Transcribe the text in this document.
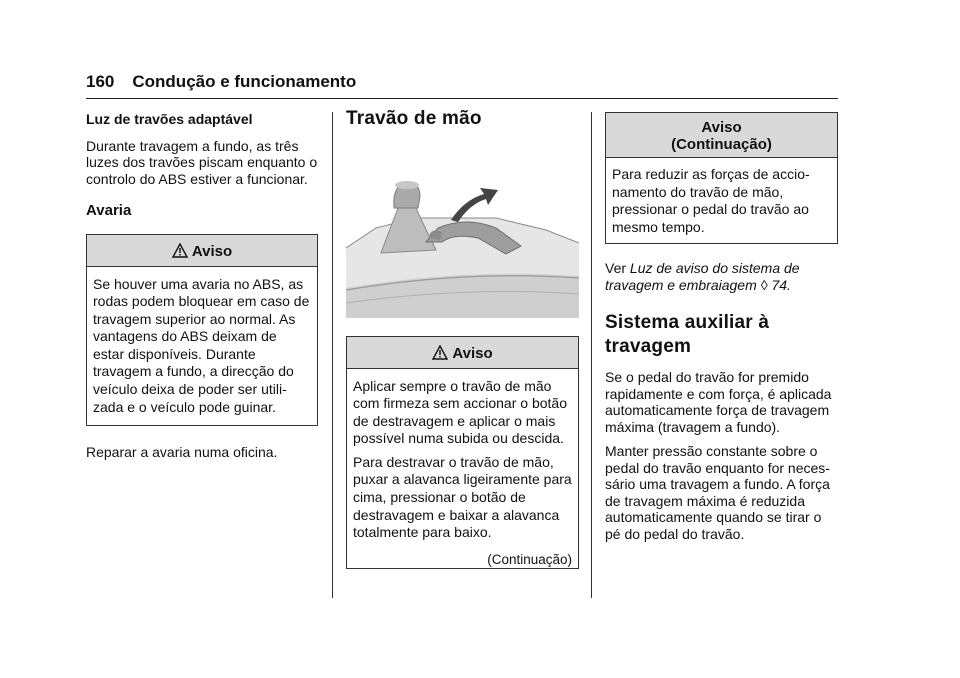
160 Condução e funcionamento
Luz de travões adaptável

Durante travagem a fundo, as três luzes dos travões piscam enquanto o controlo do ABS estiver a funcionar.

Avaria
Aviso

Se houver uma avaria no ABS, as rodas podem bloquear em caso de travagem superior ao normal. As vantagens do ABS deixam de estar disponíveis. Durante travagem a fundo, a direcção do veículo deixa de poder ser utili- zada e o veículo pode guinar.

Reparar a avaria numa oficina.

Travão de mão
Aviso

Aplicar sempre o travão de mão com firmeza sem accionar o botão de destravagem e aplicar o mais possível numa subida ou descida.

Para destravar o travão de mão, puxar a alavanca ligeiramente para cima, pressionar o botão de destravagem e baixar a alavanca totalmente para baixo.

(Continuação)
Aviso
(Continuação)

Para reduzir as forças de accio- namento do travão de mão, pressionar o pedal do travão ao mesmo tempo.

Ver Luz de aviso do sistema de travagem e embraiagem ◊ 74.

Sistema auxiliar à travagem

Se o pedal do travão for premido rapidamente e com força, é aplicada automaticamente força de travagem máxima (travagem a fundo).

Manter pressão constante sobre o pedal do travão enquanto for neces- sário uma travagem a fundo. A força de travagem máxima é reduzida automaticamente quando se tirar o pé do pedal do travão.
